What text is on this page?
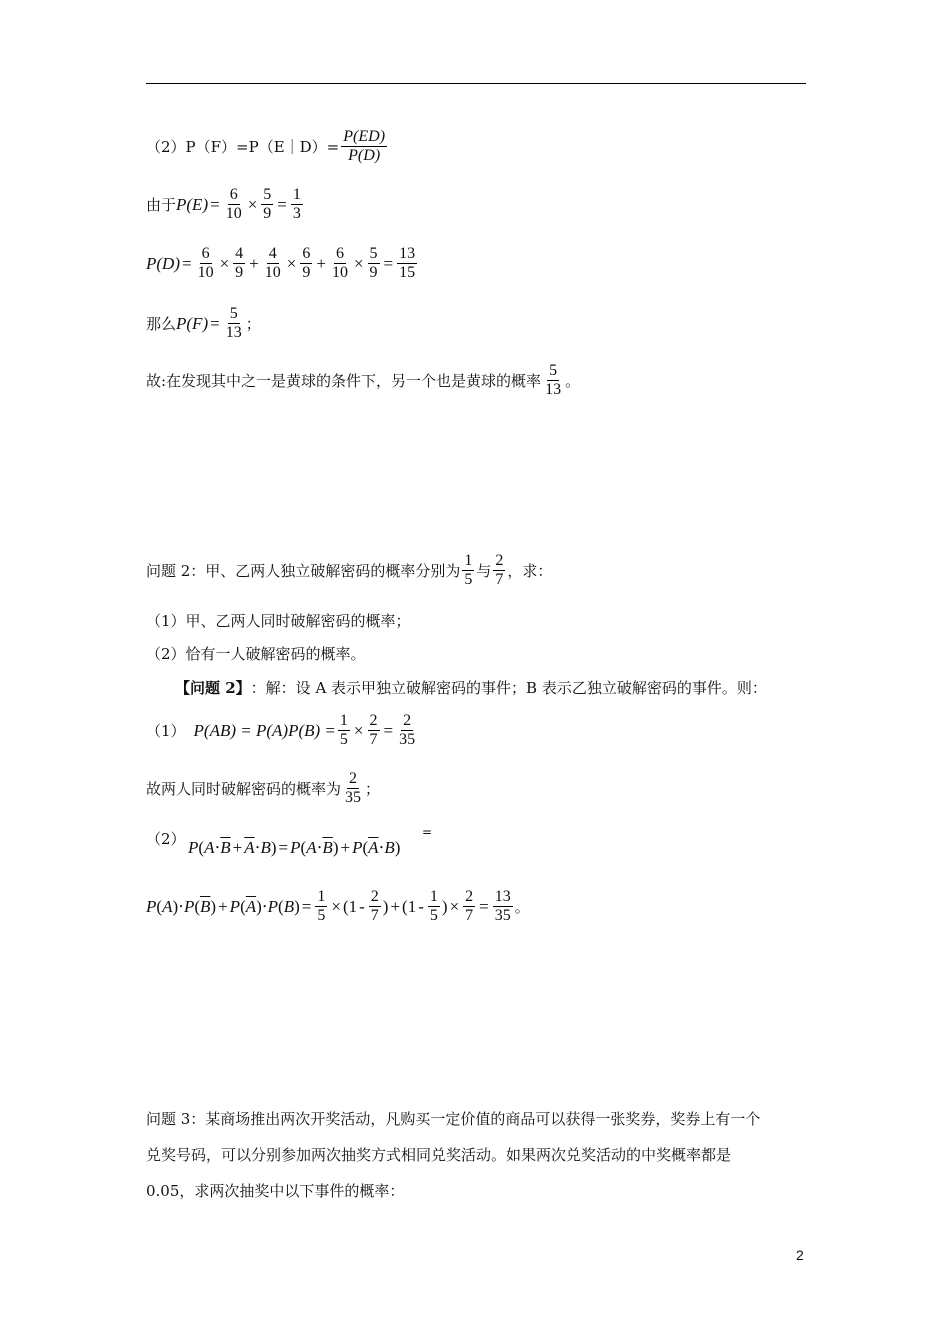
（2）P（F）=P（E｜D）= $\frac{P(ED)}{P(D)}$
由于 $P(E) = \frac{6}{10} \times \frac{5}{9} = \frac{1}{3}$
$P(D) = \frac{6}{10} \times \frac{4}{9} + \frac{4}{10} \times \frac{6}{9} + \frac{6}{10} \times \frac{5}{9} = \frac{13}{15}$
那么 $P(F) = \frac{5}{13}$ ；
故:在发现其中之一是黄球的条件下，另一个也是黄球的概率 $\frac{5}{13}$ 。
问题 2：甲、乙两人独立破解密码的概率分别为 $\frac{1}{5}$ 与 $\frac{2}{7}$ ，求：
（1）甲、乙两人同时破解密码的概率；
（2）恰有一人破解密码的概率。
【问题 2】 ：解：设 A 表示甲独立破解密码的事件；B 表示乙独立破解密码的事件。则：
（1） $P(AB) = P(A)P(B) = \frac{1}{5} \times \frac{2}{7} = \frac{2}{35}$
故两人同时破解密码的概率为 $\frac{2}{35}$ ；
（2）	=
P ( $A \cdot \overline{B} + \overline{A} \cdot B$ ) = P ( $A \cdot \overline{B}$ ) + P ( $\overline{A} \cdot B$ )
P ( A ) ⋅ P ( $\overline{B}$ ) + P ( $\overline{A}$ ) ⋅ P ( B ) = $\frac{1}{5}$ × ( $1 - \frac{2}{7}$ ) + ( $1 - \frac{1}{5}$ ) × $\frac{2}{7} = \frac{13}{35}$ 。
问题 3：某商场推出两次开奖活动，凡购买一定价值的商品可以获得一张奖券，奖券上有一个
兑奖号码，可以分别参加两次抽奖方式相同兑奖活动。如果两次兑奖活动的中奖概率都是
0.05，求两次抽奖中以下事件的概率：
2
